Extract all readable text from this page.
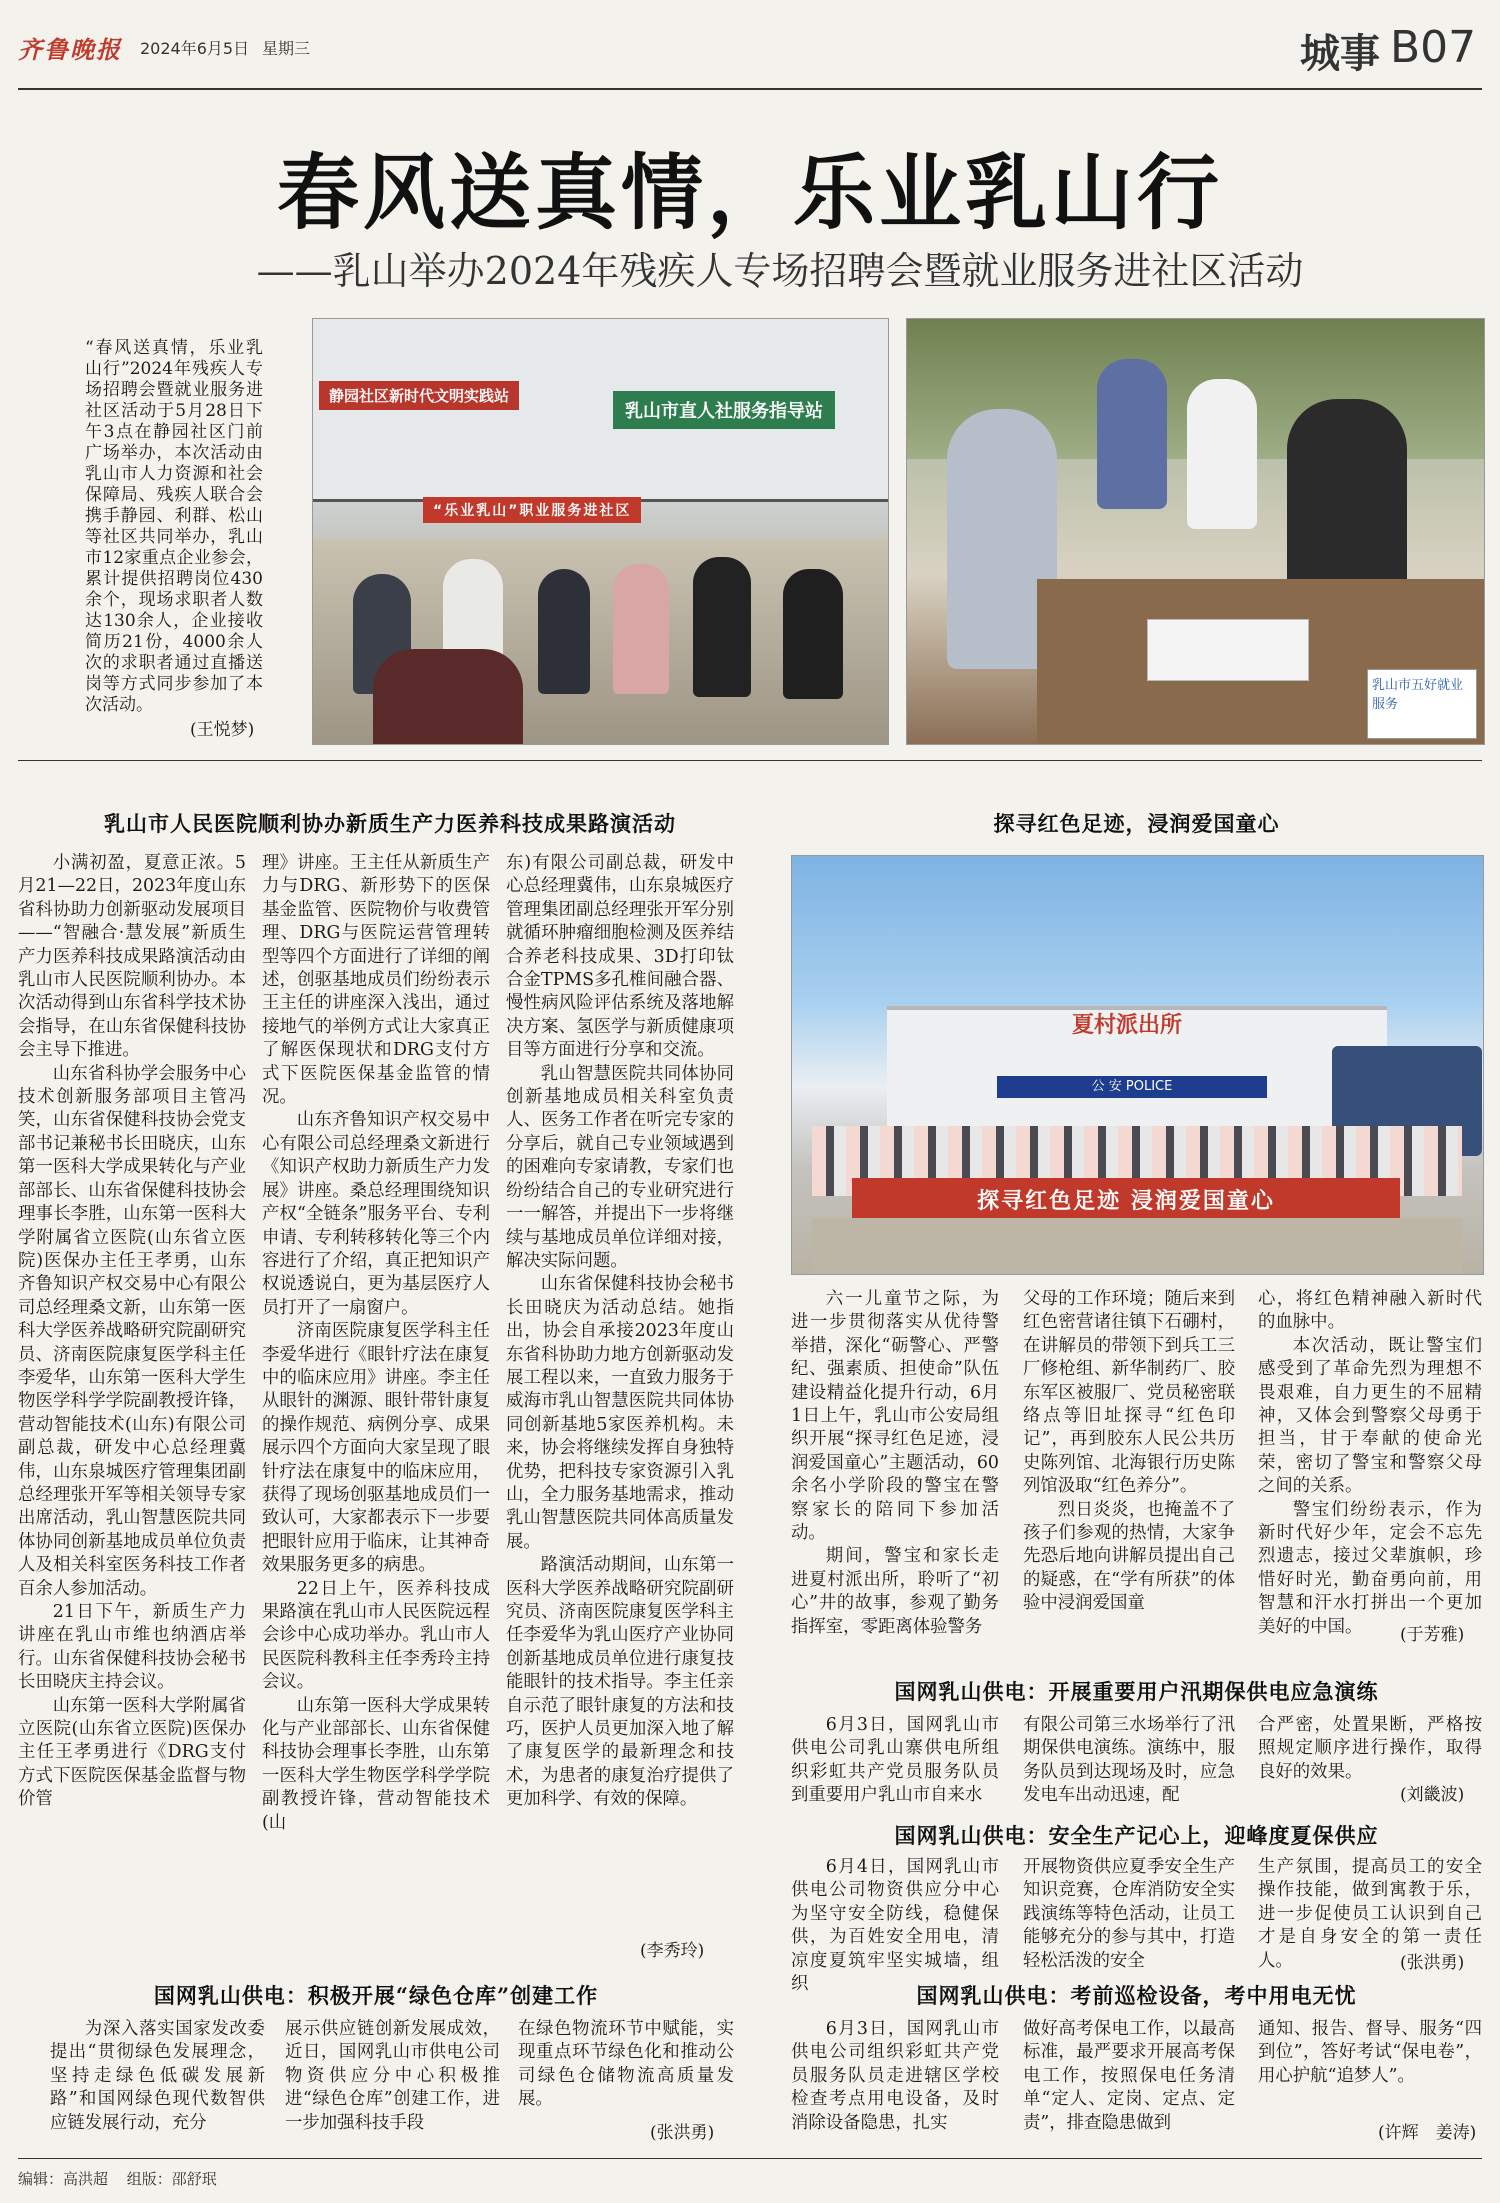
齐鲁晚报 2024年6月5日 星期三	城事 B07
春风送真情，乐业乳山行
——乳山举办2024年残疾人专场招聘会暨就业服务进社区活动
“春风送真情，乐业乳山行”2024年残疾人专场招聘会暨就业服务进社区活动于5月28日下午3点在静园社区门前广场举办，本次活动由乳山市人力资源和社会保障局、残疾人联合会携手静园、利群、松山等社区共同举办，乳山市12家重点企业参会，累计提供招聘岗位430余个，现场求职者人数达130余人，企业接收简历21份，4000余人次的求职者通过直播送岗等方式同步参加了本次活动。
(王悦梦)
静园社区新时代文明实践站
乳山市直人社服务指导站
“乐业乳山”职业服务进社区
乳山市五好就业服务
乳山市人民医院顺利协办新质生产力医养科技成果路演活动

小满初盈，夏意正浓。5月21—22日，2023年度山东省科协助力创新驱动发展项目——“智融合·慧发展”新质生产力医养科技成果路演活动由乳山市人民医院顺利协办。本次活动得到山东省科学技术协会指导，在山东省保健科技协会主导下推进。

山东省科协学会服务中心技术创新服务部项目主管冯笑，山东省保健科技协会党支部书记兼秘书长田晓庆，山东第一医科大学成果转化与产业部部长、山东省保健科技协会理事长李胜，山东第一医科大学附属省立医院(山东省立医院)医保办主任王孝勇，山东齐鲁知识产权交易中心有限公司总经理桑文新，山东第一医科大学医养战略研究院副研究员、济南医院康复医学科主任李爱华，山东第一医科大学生物医学科学学院副教授许锋，营动智能技术(山东)有限公司副总裁，研发中心总经理冀伟，山东泉城医疗管理集团副总经理张开军等相关领导专家出席活动，乳山智慧医院共同体协同创新基地成员单位负责人及相关科室医务科技工作者百余人参加活动。

21日下午，新质生产力讲座在乳山市维也纳酒店举行。山东省保健科技协会秘书长田晓庆主持会议。

山东第一医科大学附属省立医院(山东省立医院)医保办主任王孝勇进行《DRG支付方式下医院医保基金监督与物价管

理》讲座。王主任从新质生产力与DRG、新形势下的医保基金监管、医院物价与收费管理、DRG与医院运营管理转型等四个方面进行了详细的阐述，创驱基地成员们纷纷表示王主任的讲座深入浅出，通过接地气的举例方式让大家真正了解医保现状和DRG支付方式下医院医保基金监管的情况。

山东齐鲁知识产权交易中心有限公司总经理桑文新进行《知识产权助力新质生产力发展》讲座。桑总经理围绕知识产权“全链条”服务平台、专利申请、专利转移转化等三个内容进行了介绍，真正把知识产权说透说白，更为基层医疗人员打开了一扇窗户。

济南医院康复医学科主任李爱华进行《眼针疗法在康复中的临床应用》讲座。李主任从眼针的渊源、眼针带针康复的操作规范、病例分享、成果展示四个方面向大家呈现了眼针疗法在康复中的临床应用，获得了现场创驱基地成员们一致认可，大家都表示下一步要把眼针应用于临床，让其神奇效果服务更多的病患。

22日上午，医养科技成果路演在乳山市人民医院远程会诊中心成功举办。乳山市人民医院科教科主任李秀玲主持会议。

山东第一医科大学成果转化与产业部部长、山东省保健科技协会理事长李胜，山东第一医科大学生物医学科学学院副教授许锋，营动智能技术(山

东)有限公司副总裁，研发中心总经理冀伟，山东泉城医疗管理集团副总经理张开军分别就循环肿瘤细胞检测及医养结合养老科技成果、3D打印钛合金TPMS多孔椎间融合器、慢性病风险评估系统及落地解决方案、氢医学与新质健康项目等方面进行分享和交流。

乳山智慧医院共同体协同创新基地成员相关科室负责人、医务工作者在听完专家的分享后，就自己专业领域遇到的困难向专家请教，专家们也纷纷结合自己的专业研究进行一一解答，并提出下一步将继续与基地成员单位详细对接，解决实际问题。

山东省保健科技协会秘书长田晓庆为活动总结。她指出，协会自承接2023年度山东省科协助力地方创新驱动发展工程以来，一直致力服务于威海市乳山智慧医院共同体协同创新基地5家医养机构。未来，协会将继续发挥自身独特优势，把科技专家资源引入乳山，全力服务基地需求，推动乳山智慧医院共同体高质量发展。

路演活动期间，山东第一医科大学医养战略研究院副研究员、济南医院康复医学科主任李爱华为乳山医疗产业协同创新基地成员单位进行康复技能眼针的技术指导。李主任亲自示范了眼针康复的方法和技巧，医护人员更加深入地了解了康复医学的最新理念和技术，为患者的康复治疗提供了更加科学、有效的保障。

(李秀玲)
探寻红色足迹，浸润爱国童心
夏村派出所
公 安 POLICE
探寻红色足迹 浸润爱国童心

六一儿童节之际，为进一步贯彻落实从优待警举措，深化“砺警心、严警纪、强素质、担使命”队伍建设精益化提升行动，6月1日上午，乳山市公安局组织开展“探寻红色足迹，浸润爱国童心”主题活动，60余名小学阶段的警宝在警察家长的陪同下参加活动。

期间，警宝和家长走进夏村派出所，聆听了“初心”井的故事，参观了勤务指挥室，零距离体验警务

父母的工作环境；随后来到红色密营诸往镇下石硼村，在讲解员的带领下到兵工三厂修枪组、新华制药厂、胶东军区被服厂、党员秘密联络点等旧址探寻“红色印记”，再到胶东人民公共历史陈列馆、北海银行历史陈列馆汲取“红色养分”。

烈日炎炎，也掩盖不了孩子们参观的热情，大家争先恐后地向讲解员提出自己的疑惑，在“学有所获”的体验中浸润爱国童

心，将红色精神融入新时代的血脉中。

本次活动，既让警宝们感受到了革命先烈为理想不畏艰难，自力更生的不屈精神，又体会到警察父母勇于担当，甘于奉献的使命光荣，密切了警宝和警察父母之间的关系。

警宝们纷纷表示，作为新时代好少年，定会不忘先烈遗志，接过父辈旗帜，珍惜好时光，勤奋勇向前，用智慧和汗水打拼出一个更加美好的中国。	(于芳雅)
国网乳山供电：开展重要用户汛期保供电应急演练

6月3日，国网乳山市供电公司乳山寨供电所组织彩虹共产党员服务队员到重要用户乳山市自来水

有限公司第三水场举行了汛期保供电演练。演练中，服务队员到达现场及时，应急发电车出动迅速，配

合严密，处置果断，严格按照规定顺序进行操作，取得良好的效果。

(刘畿波)
国网乳山供电：安全生产记心上，迎峰度夏保供应

6月4日，国网乳山市供电公司物资供应分中心为坚守安全防线，稳健保供，为百姓安全用电，清凉度夏筑牢坚实城墙，组织

开展物资供应夏季安全生产知识竞赛，仓库消防安全实践演练等特色活动，让员工能够充分的参与其中，打造轻松活泼的安全

生产氛围，提高员工的安全操作技能，做到寓教于乐，进一步促使员工认识到自己才是自身安全的第一责任人。	(张洪勇)
国网乳山供电：积极开展“绿色仓库”创建工作

为深入落实国家发改委提出“贯彻绿色发展理念，坚持走绿色低碳发展新路”和国网绿色现代数智供应链发展行动，充分

展示供应链创新发展成效，近日，国网乳山市供电公司物资供应分中心积极推进“绿色仓库”创建工作，进一步加强科技手段

在绿色物流环节中赋能，实现重点环节绿色化和推动公司绿色仓储物流高质量发展。

(张洪勇)
国网乳山供电：考前巡检设备，考中用电无忧

6月3日，国网乳山市供电公司组织彩虹共产党员服务队员走进辖区学校检查考点用电设备，及时消除设备隐患，扎实

做好高考保电工作，以最高标准，最严要求开展高考保电工作，按照保电任务清单“定人、定岗、定点、定责”，排查隐患做到

通知、报告、督导、服务“四到位”，答好考试“保电卷”，用心护航“追梦人”。

(许辉　姜涛)
编辑：高洪超 组版：邵舒珉
